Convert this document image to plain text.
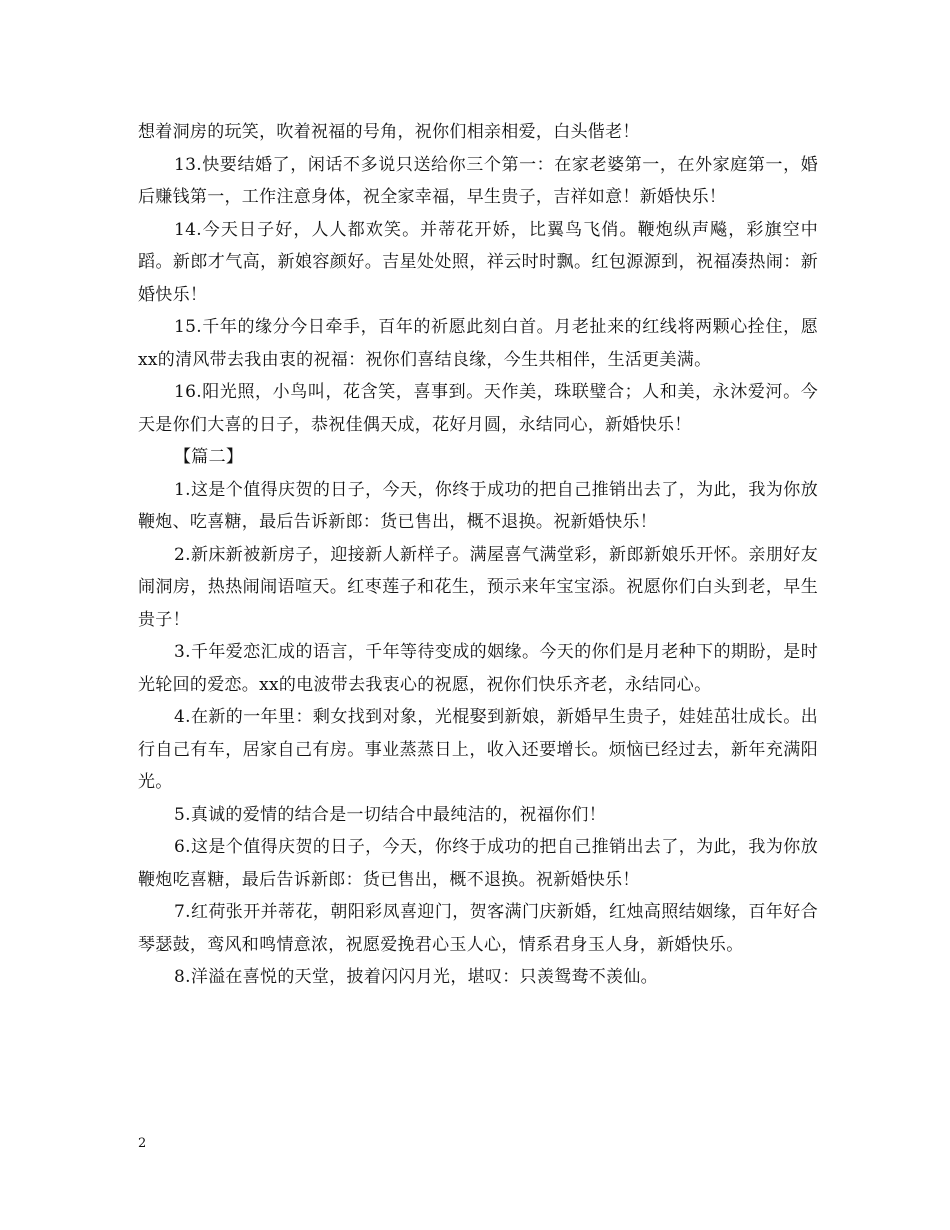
想着洞房的玩笑，吹着祝福的号角，祝你们相亲相爱，白头偕老！

13.快要结婚了，闲话不多说只送给你三个第一：在家老婆第一，在外家庭第一，婚后赚钱第一，工作注意身体，祝全家幸福，早生贵子，吉祥如意！新婚快乐！

14.今天日子好，人人都欢笑。并蒂花开娇，比翼鸟飞俏。鞭炮纵声飚，彩旗空中蹈。新郎才气高，新娘容颜好。吉星处处照，祥云时时飘。红包源源到，祝福凑热闹：新婚快乐！

15.千年的缘分今日牵手，百年的祈愿此刻白首。月老扯来的红线将两颗心拴住，愿xx的清风带去我由衷的祝福：祝你们喜结良缘，今生共相伴，生活更美满。

16.阳光照，小鸟叫，花含笑，喜事到。天作美，珠联璧合；人和美，永沐爱河。今天是你们大喜的日子，恭祝佳偶天成，花好月圆，永结同心，新婚快乐！

【篇二】

1.这是个值得庆贺的日子，今天，你终于成功的把自己推销出去了，为此，我为你放鞭炮、吃喜糖，最后告诉新郎：货已售出，概不退换。祝新婚快乐！

2.新床新被新房子，迎接新人新样子。满屋喜气满堂彩，新郎新娘乐开怀。亲朋好友闹洞房，热热闹闹语喧天。红枣莲子和花生，预示来年宝宝添。祝愿你们白头到老，早生贵子！

3.千年爱恋汇成的语言，千年等待变成的姻缘。今天的你们是月老种下的期盼，是时光轮回的爱恋。xx的电波带去我衷心的祝愿，祝你们快乐齐老，永结同心。

4.在新的一年里：剩女找到对象，光棍娶到新娘，新婚早生贵子，娃娃茁壮成长。出行自己有车，居家自己有房。事业蒸蒸日上，收入还要增长。烦恼已经过去，新年充满阳光。

5.真诚的爱情的结合是一切结合中最纯洁的，祝福你们！

6.这是个值得庆贺的日子，今天，你终于成功的把自己推销出去了，为此，我为你放鞭炮吃喜糖，最后告诉新郎：货已售出，概不退换。祝新婚快乐！

7.红荷张开并蒂花，朝阳彩凤喜迎门，贺客满门庆新婚，红烛高照结姻缘，百年好合琴瑟鼓，鸾风和鸣情意浓，祝愿爱挽君心玉人心，情系君身玉人身，新婚快乐。

8.洋溢在喜悦的天堂，披着闪闪月光，堪叹：只羡鸳鸯不羡仙。

2
